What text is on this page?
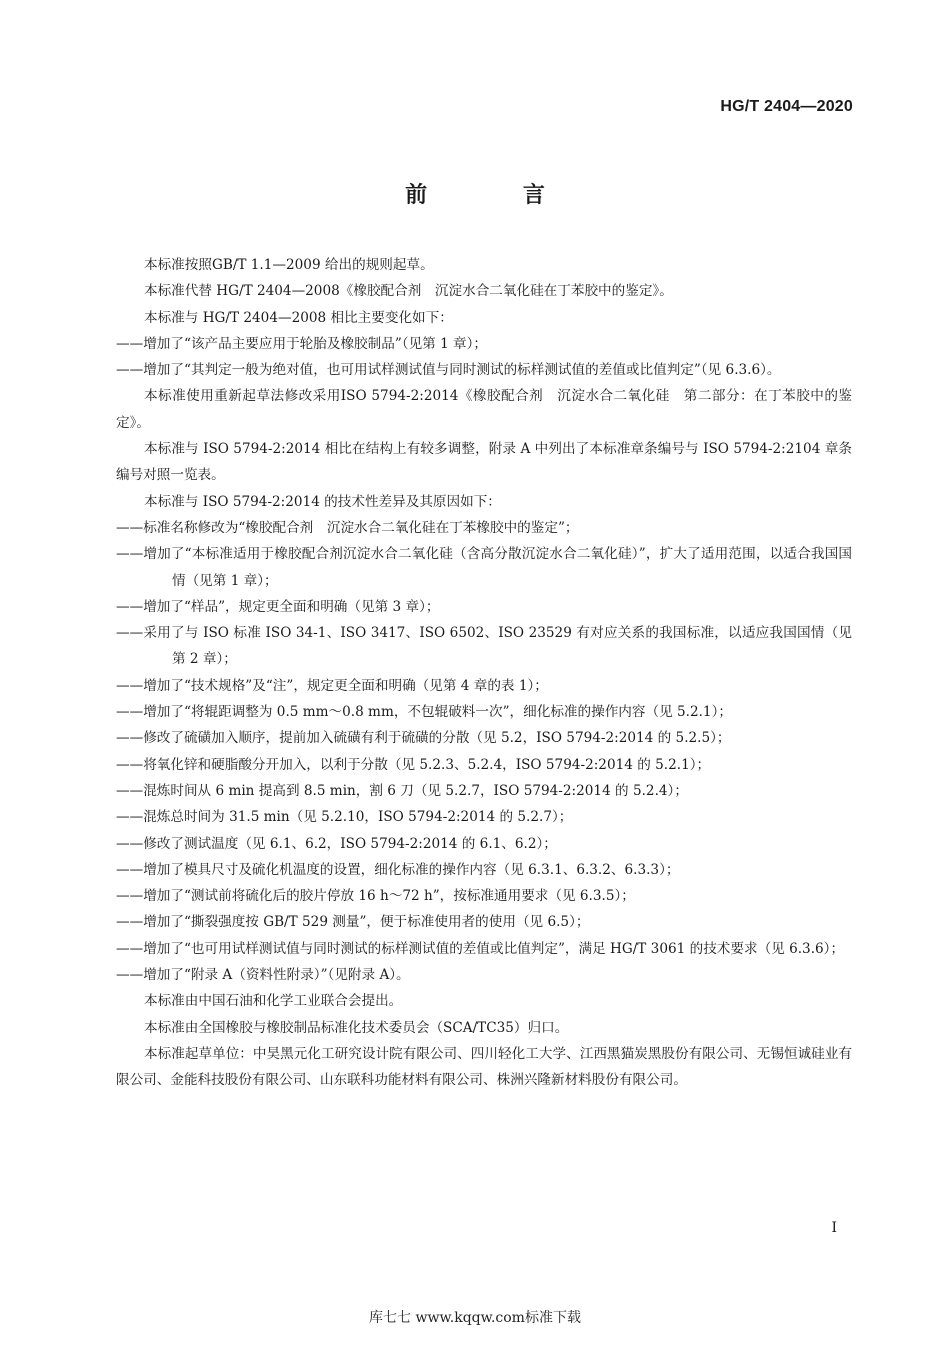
HG/T 2404—2020
前 言

本标准按照GB/T 1.1—2009 给出的规则起草。

本标准代替 HG/T 2404—2008《橡胶配合剂　沉淀水合二氧化硅在丁苯胶中的鉴定》。

本标准与 HG/T 2404—2008 相比主要变化如下：

——增加了“该产品主要应用于轮胎及橡胶制品”（见第 1 章）；

——增加了“其判定一般为绝对值，也可用试样测试值与同时测试的标样测试值的差值或比值判定”（见 6.3.6）。

本标准使用重新起草法修改采用ISO 5794-2:2014《橡胶配合剂　沉淀水合二氧化硅　第二部分：在丁苯胶中的鉴定》。

本标准与 ISO 5794-2:2014 相比在结构上有较多调整，附录 A 中列出了本标准章条编号与 ISO 5794-2:2104 章条编号对照一览表。

本标准与 ISO 5794-2:2014 的技术性差异及其原因如下：

——标准名称修改为“橡胶配合剂　沉淀水合二氧化硅在丁苯橡胶中的鉴定”；

——增加了“本标准适用于橡胶配合剂沉淀水合二氧化硅（含高分散沉淀水合二氧化硅）”，扩大了适用范围，以适合我国国情（见第 1 章）；

——增加了“样品”，规定更全面和明确（见第 3 章）；

——采用了与 ISO 标准 ISO 34-1、ISO 3417、ISO 6502、ISO 23529 有对应关系的我国标准，以适应我国国情（见第 2 章）；

——增加了“技术规格”及“注”，规定更全面和明确（见第 4 章的表 1）；

——增加了“将辊距调整为 0.5 mm～0.8 mm，不包辊破料一次”，细化标准的操作内容（见 5.2.1）；

——修改了硫磺加入顺序，提前加入硫磺有利于硫磺的分散（见 5.2，ISO 5794-2:2014 的 5.2.5）；

——将氧化锌和硬脂酸分开加入，以利于分散（见 5.2.3、5.2.4，ISO 5794-2:2014 的 5.2.1）；

——混炼时间从 6 min 提高到 8.5 min，割 6 刀（见 5.2.7，ISO 5794-2:2014 的 5.2.4）；

——混炼总时间为 31.5 min（见 5.2.10，ISO 5794-2:2014 的 5.2.7）；

——修改了测试温度（见 6.1、6.2，ISO 5794-2:2014 的 6.1、6.2）；

——增加了模具尺寸及硫化机温度的设置，细化标准的操作内容（见 6.3.1、6.3.2、6.3.3）；

——增加了“测试前将硫化后的胶片停放 16 h～72 h”，按标准通用要求（见 6.3.5）；

——增加了“撕裂强度按 GB/T 529 测量”，便于标准使用者的使用（见 6.5）；

——增加了“也可用试样测试值与同时测试的标样测试值的差值或比值判定”，满足 HG/T 3061 的技术要求（见 6.3.6）；

——增加了“附录 A（资料性附录）”（见附录 A）。

本标准由中国石油和化学工业联合会提出。

本标准由全国橡胶与橡胶制品标准化技术委员会（SCA/TC35）归口。

本标准起草单位：中昊黑元化工研究设计院有限公司、四川轻化工大学、江西黑猫炭黑股份有限公司、无锡恒诚硅业有限公司、金能科技股份有限公司、山东联科功能材料有限公司、株洲兴隆新材料股份有限公司。

I
库七七 www.kqqw.com标准下载
